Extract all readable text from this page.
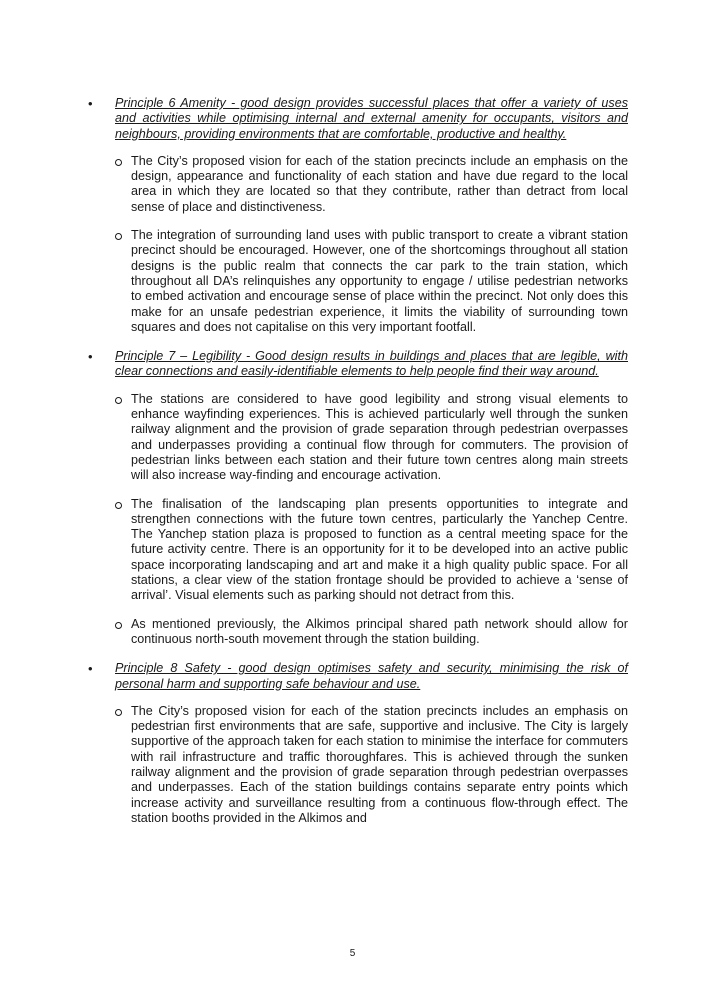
• Principle 6 Amenity - good design provides successful places that offer a variety of uses and activities while optimising internal and external amenity for occupants, visitors and neighbours, providing environments that are comfortable, productive and healthy.

The City’s proposed vision for each of the station precincts include an emphasis on the design, appearance and functionality of each station and have due regard to the local area in which they are located so that they contribute, rather than detract from local sense of place and distinctiveness.

The integration of surrounding land uses with public transport to create a vibrant station precinct should be encouraged. However, one of the shortcomings throughout all station designs is the public realm that connects the car park to the train station, which throughout all DA’s relinquishes any opportunity to engage / utilise pedestrian networks to embed activation and encourage sense of place within the precinct. Not only does this make for an unsafe pedestrian experience, it limits the viability of surrounding town squares and does not capitalise on this very important footfall.

• Principle 7 – Legibility - Good design results in buildings and places that are legible, with clear connections and easily-identifiable elements to help people find their way around.

The stations are considered to have good legibility and strong visual elements to enhance wayfinding experiences. This is achieved particularly well through the sunken railway alignment and the provision of grade separation through pedestrian overpasses and underpasses providing a continual flow through for commuters. The provision of pedestrian links between each station and their future town centres along main streets will also increase way-finding and encourage activation.

The finalisation of the landscaping plan presents opportunities to integrate and strengthen connections with the future town centres, particularly the Yanchep Centre. The Yanchep station plaza is proposed to function as a central meeting space for the future activity centre. There is an opportunity for it to be developed into an active public space incorporating landscaping and art and make it a high quality public space. For all stations, a clear view of the station frontage should be provided to achieve a ‘sense of arrival’. Visual elements such as parking should not detract from this.

As mentioned previously, the Alkimos principal shared path network should allow for continuous north-south movement through the station building.

• Principle 8 Safety - good design optimises safety and security, minimising the risk of personal harm and supporting safe behaviour and use.

The City’s proposed vision for each of the station precincts includes an emphasis on pedestrian first environments that are safe, supportive and inclusive. The City is largely supportive of the approach taken for each station to minimise the interface for commuters with rail infrastructure and traffic thoroughfares. This is achieved through the sunken railway alignment and the provision of grade separation through pedestrian overpasses and underpasses. Each of the station buildings contains separate entry points which increase activity and surveillance resulting from a continuous flow-through effect. The station booths provided in the Alkimos and

5
